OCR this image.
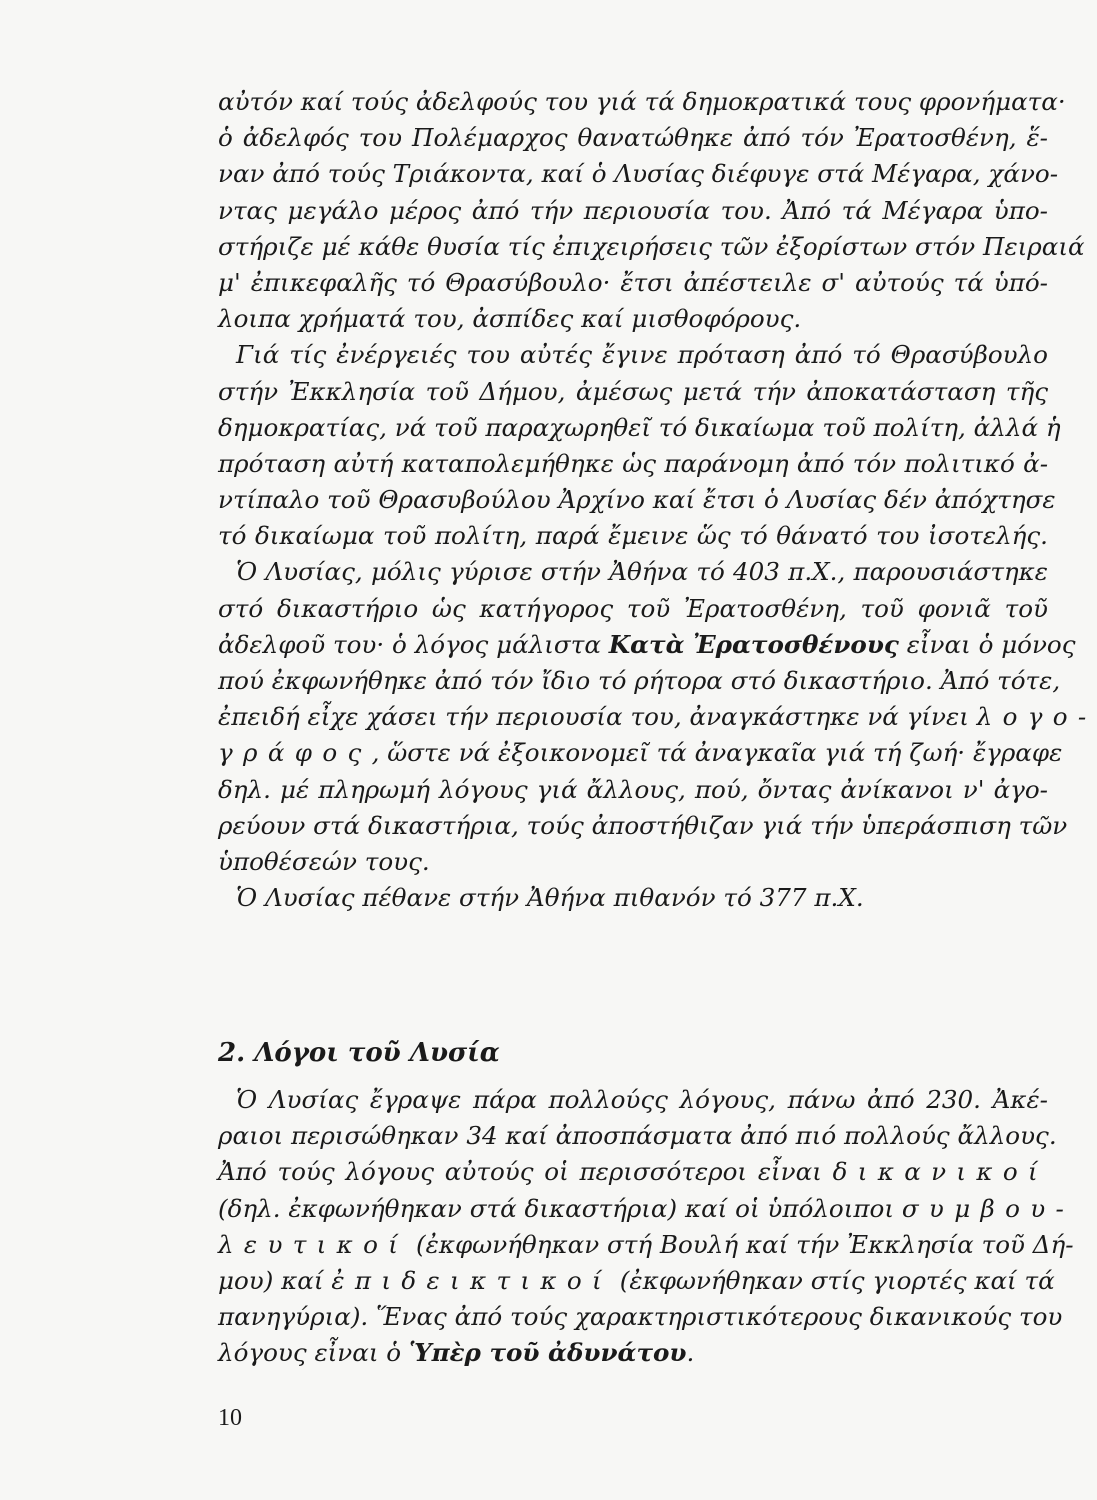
αὐτόν καί τούς ἀδελφούς του γιά τά δημοκρατικά τους φρονήματα·
ὁ ἀδελφός του Πολέμαρχος θανατώθηκε ἀπό τόν Ἐρατοσθένη, ἕ-
ναν ἀπό τούς Τριάκοντα, καί ὁ Λυσίας διέφυγε στά Μέγαρα, χάνο-
ντας μεγάλο μέρος ἀπό τήν περιουσία του. Ἀπό τά Μέγαρα ὑπο-
στήριζε μέ κάθε θυσία τίς ἐπιχειρήσεις τῶν ἐξορίστων στόν Πειραιά
μ' ἐπικεφαλῆς τό Θρασύβουλο· ἔτσι ἀπέστειλε σ' αὐτούς τά ὑπό-
λοιπα χρήματά του, ἀσπίδες καί μισθοφόρους.
Γιά τίς ἐνέργειές του αὐτές ἔγινε πρόταση ἀπό τό Θρασύβουλο
στήν Ἐκκλησία τοῦ Δήμου, ἀμέσως μετά τήν ἀποκατάσταση τῆς
δημοκρατίας, νά τοῦ παραχωρηθεῖ τό δικαίωμα τοῦ πολίτη, ἀλλά ἡ
πρόταση αὐτή καταπολεμήθηκε ὡς παράνομη ἀπό τόν πολιτικό ἀ-
ντίπαλο τοῦ Θρασυβούλου Ἀρχίνο καί ἔτσι ὁ Λυσίας δέν ἀπόχτησε
τό δικαίωμα τοῦ πολίτη, παρά ἔμεινε ὥς τό θάνατό του ἰσοτελής.
Ὁ Λυσίας, μόλις γύρισε στήν Ἀθήνα τό 403 π.Χ., παρουσιάστηκε
στό δικαστήριο ὡς κατήγορος τοῦ Ἐρατοσθένη, τοῦ φονιᾶ τοῦ
ἀδελφοῦ του· ὁ λόγος μάλιστα Κατὰ Ἐρατοσθένους εἶναι ὁ μόνος
πού ἐκφωνήθηκε ἀπό τόν ἴδιο τό ρήτορα στό δικαστήριο. Ἀπό τότε,
ἐπειδή εἶχε χάσει τήν περιουσία του, ἀναγκάστηκε νά γίνει λογο-
γράφος, ὥστε νά ἐξοικονομεῖ τά ἀναγκαῖα γιά τή ζωή· ἔγραφε
δηλ. μέ πληρωμή λόγους γιά ἄλλους, πού, ὄντας ἀνίκανοι ν' ἀγο-
ρεύουν στά δικαστήρια, τούς ἀποστήθιζαν γιά τήν ὑπεράσπιση τῶν
ὑποθέσεών τους.
Ὁ Λυσίας πέθανε στήν Ἀθήνα πιθανόν τό 377 π.Χ.
2. Λόγοι τοῦ Λυσία
Ὁ Λυσίας ἔγραψε πάρα πολλούςς λόγους, πάνω ἀπό 230. Ἀκέ-
ραιοι περισώθηκαν 34 καί ἀποσπάσματα ἀπό πιό πολλούς ἄλλους.
Ἀπό τούς λόγους αὐτούς οἱ περισσότεροι εἶναι δικανικοί
(δηλ. ἐκφωνήθηκαν στά δικαστήρια) καί οἱ ὑπόλοιποι συμβου-
λευτικοί (ἐκφωνήθηκαν στή Βουλή καί τήν Ἐκκλησία τοῦ Δή-
μου) καί ἐπιδεικτικοί (ἐκφωνήθηκαν στίς γιορτές καί τά
πανηγύρια). Ἕνας ἀπό τούς χαρακτηριστικότερους δικανικούς του
λόγους εἶναι ὁ Ὑπὲρ τοῦ ἀδυνάτου.
10
